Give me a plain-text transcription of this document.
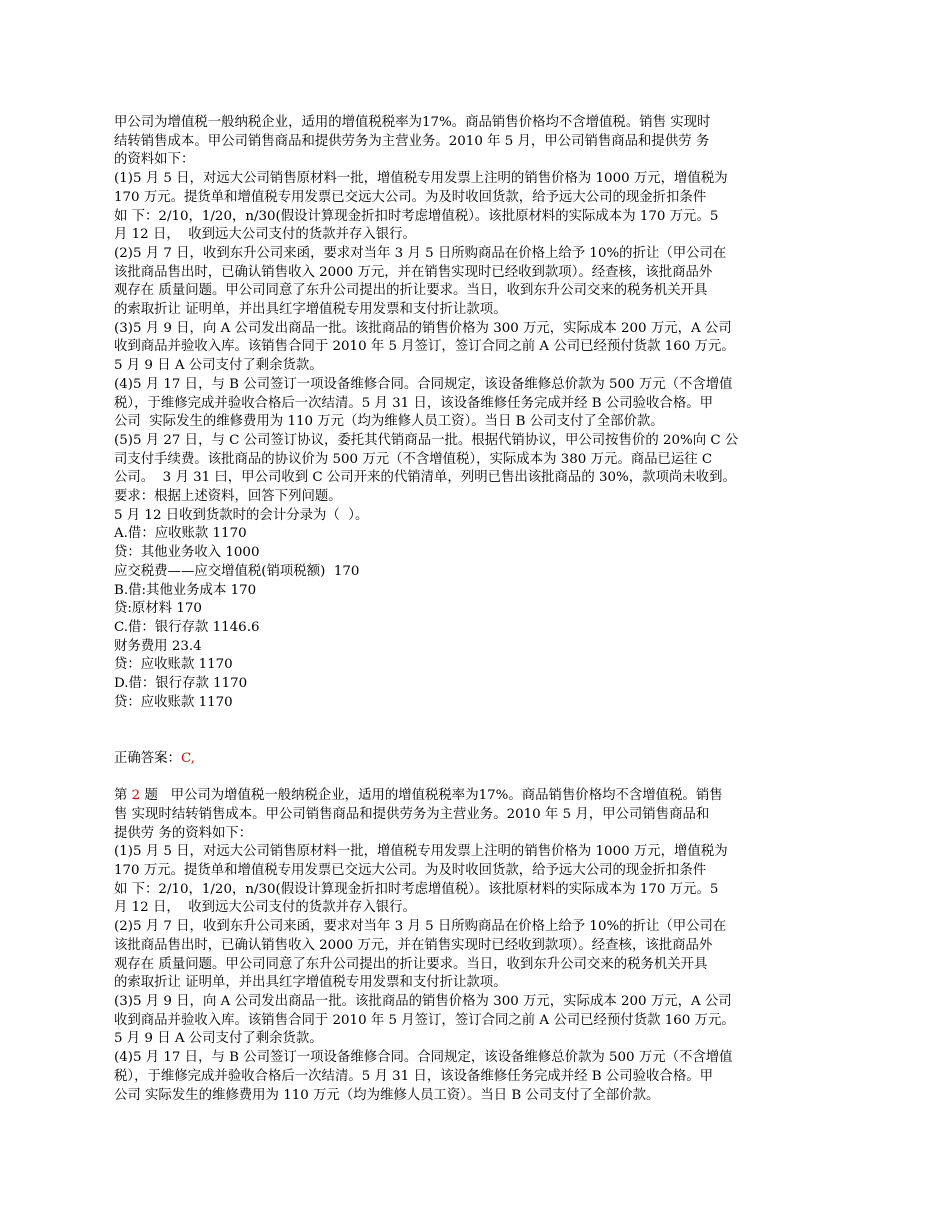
甲公司为增值税一般纳税企业，适用的增值税税率为17%。商品销售价格均不含增值税。销售 实现时
结转销售成本。甲公司销售商品和提供劳务为主营业务。2010 年 5 月，甲公司销售商品和提供劳 务
的资料如下：
(1)5 月 5 日，对远大公司销售原材料一批，增值税专用发票上注明的销售价格为 1000 万元，增值税为
170 万元。提货单和增值税专用发票已交远大公司。为及时收回货款，给予远大公司的现金折扣条件
如 下：2/10，1/20，n/30(假设计算现金折扣时考虑增值税）。该批原材料的实际成本为 170 万元。5
月 12 日，  收到远大公司支付的货款并存入银行。
(2)5 月 7 日，收到东升公司来函，要求对当年 3 月 5 日所购商品在价格上给予 10%的折让（甲公司在
该批商品售出时，已确认销售收入 2000 万元，并在销售实现时已经收到款项）。经查核，该批商品外
观存在 质量问题。甲公司同意了东升公司提出的折让要求。当日，收到东升公司交来的税务机关开具
的索取折让 证明单，并出具红字增值税专用发票和支付折让款项。
(3)5 月 9 日，向 A 公司发出商品一批。该批商品的销售价格为 300 万元，实际成本 200 万元，A 公司
收到商品并验收入库。该销售合同于 2010 年 5 月签订，签订合同之前 A 公司已经预付货款 160 万元。
5 月 9 日 A 公司支付了剩余货款。
(4)5 月 17 日，与 B 公司签订一项设备维修合同。合同规定，该设备维修总价款为 500 万元（不含增值
税），于维修完成并验收合格后一次结清。5 月 31 日，该设备维修任务完成并经 B 公司验收合格。甲
公司  实际发生的维修费用为 110 万元（均为维修人员工资）。当日 B 公司支付了全部价款。
(5)5 月 27 日，与 C 公司签订协议，委托其代销商品一批。根据代销协议，甲公司按售价的 20%向 C 公
司支付手续费。该批商品的协议价为 500 万元（不含增值税），实际成本为 380 万元。商品已运往 C
公司。  3 月 31 曰，甲公司收到 C 公司开来的代销清单，列明已售出该批商品的 30%，款项尚未收到。
要求：根据上述资料，回答下列问题。
5 月 12 日收到货款时的会计分录为（  ）。
A.借：应收账款 1170
贷：其他业务收入 1000
应交税费——应交增值税(销项税额)  170
B.借:其他业务成本 170
贷:原材料 170
C.借：银行存款 1146.6
财务费用 23.4
贷：应收账款 1170
D.借：银行存款 1170
贷：应收账款 1170
正确答案：C,
第 2 题   甲公司为增值税一般纳税企业，适用的增值税税率为17%。商品销售价格均不含增值税。销售
售 实现时结转销售成本。甲公司销售商品和提供劳务为主营业务。2010 年 5 月，甲公司销售商品和
提供劳 务的资料如下：
(1)5 月 5 日，对远大公司销售原材料一批，增值税专用发票上注明的销售价格为 1000 万元，增值税为
170 万元。提货单和增值税专用发票已交远大公司。为及时收回货款，给予远大公司的现金折扣条件
如 下：2/10，1/20，n/30(假设计算现金折扣时考虑增值税）。该批原材料的实际成本为 170 万元。5
月 12 日，  收到远大公司支付的货款并存入银行。
(2)5 月 7 日，收到东升公司来函，要求对当年 3 月 5 日所购商品在价格上给予 10%的折让（甲公司在
该批商品售出时，已确认销售收入 2000 万元，并在销售实现时已经收到款项）。经查核，该批商品外
观存在 质量问题。甲公司同意了东升公司提出的折让要求。当日，收到东升公司交来的税务机关开具
的索取折让 证明单，并出具红字增值税专用发票和支付折让款项。
(3)5 月 9 日，向 A 公司发出商品一批。该批商品的销售价格为 300 万元，实际成本 200 万元，A 公司
收到商品并验收入库。该销售合同于 2010 年 5 月签订，签订合同之前 A 公司已经预付货款 160 万元。
5 月 9 日 A 公司支付了剩余货款。
(4)5 月 17 日，与 B 公司签订一项设备维修合同。合同规定，该设备维修总价款为 500 万元（不含增值
税），于维修完成并验收合格后一次结清。5 月 31 日，该设备维修任务完成并经 B 公司验收合格。甲
公司 实际发生的维修费用为 110 万元（均为维修人员工资）。当日 B 公司支付了全部价款。
